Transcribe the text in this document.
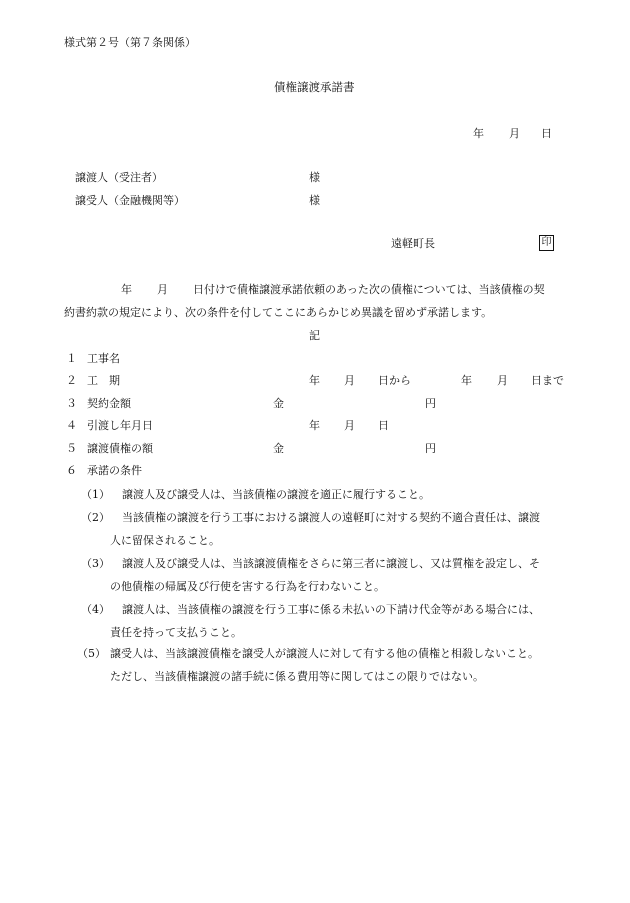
様式第２号（第７条関係）
債権譲渡承諾書
年 月 日
譲渡人（受注者）	様
譲受人（金融機関等）	様
遠軽町長	印
年 月 日付けで債権譲渡承諾依頼のあった次の債権については、当該債権の契
約書約款の規定により、次の条件を付してここにあらかじめ異議を留めず承諾します。
記
１ 工事名
２ 工　期	年 月 日から	年 月 日まで
３ 契約金額	金	円
４ 引渡し年月日	年 月 日
５ 譲渡債権の額	金	円
６ 承諾の条件
（1） 譲渡人及び譲受人は、当該債権の譲渡を適正に履行すること。
（2） 当該債権の譲渡を行う工事における譲渡人の遠軽町に対する契約不適合責任は、譲渡
人に留保されること。
（3） 譲渡人及び譲受人は、当該譲渡債権をさらに第三者に譲渡し、又は質権を設定し、そ
の他債権の帰属及び行使を害する行為を行わないこと。
（4） 譲渡人は、当該債権の譲渡を行う工事に係る未払いの下請け代金等がある場合には、
責任を持って支払うこと。
（5） 譲受人は、当該譲渡債権を譲受人が譲渡人に対して有する他の債権と相殺しないこと。
ただし、当該債権譲渡の諸手続に係る費用等に関してはこの限りではない。
